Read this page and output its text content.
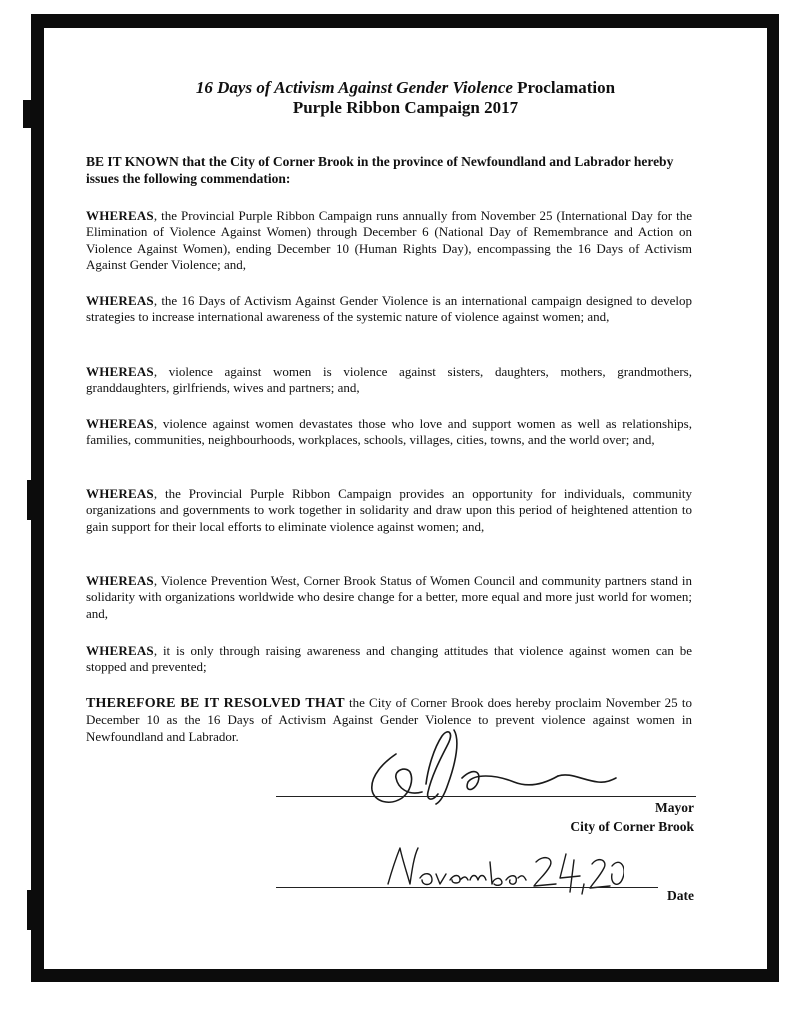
16 Days of Activism Against Gender Violence Proclamation
Purple Ribbon Campaign 2017
BE IT KNOWN that the City of Corner Brook in the province of Newfoundland and Labrador hereby issues the following commendation:
WHEREAS, the Provincial Purple Ribbon Campaign runs annually from November 25 (International Day for the Elimination of Violence Against Women) through December 6 (National Day of Remembrance and Action on Violence Against Women), ending December 10 (Human Rights Day), encompassing the 16 Days of Activism Against Gender Violence; and,
WHEREAS, the 16 Days of Activism Against Gender Violence is an international campaign designed to develop strategies to increase international awareness of the systemic nature of violence against women; and,
WHEREAS, violence against women is violence against sisters, daughters, mothers, grandmothers, granddaughters, girlfriends, wives and partners; and,
WHEREAS, violence against women devastates those who love and support women as well as relationships, families, communities, neighbourhoods, workplaces, schools, villages, cities, towns, and the world over; and,
WHEREAS, the Provincial Purple Ribbon Campaign provides an opportunity for individuals, community organizations and governments to work together in solidarity and draw upon this period of heightened attention to gain support for their local efforts to eliminate violence against women; and,
WHEREAS, Violence Prevention West, Corner Brook Status of Women Council and community partners stand in solidarity with organizations worldwide who desire change for a better, more equal and more just world for women; and,
WHEREAS, it is only through raising awareness and changing attitudes that violence against women can be stopped and prevented;
THEREFORE BE IT RESOLVED THAT the City of Corner Brook does hereby proclaim November 25 to December 10 as the 16 Days of Activism Against Gender Violence to prevent violence against women in Newfoundland and Labrador.
Mayor
City of Corner Brook
Date
